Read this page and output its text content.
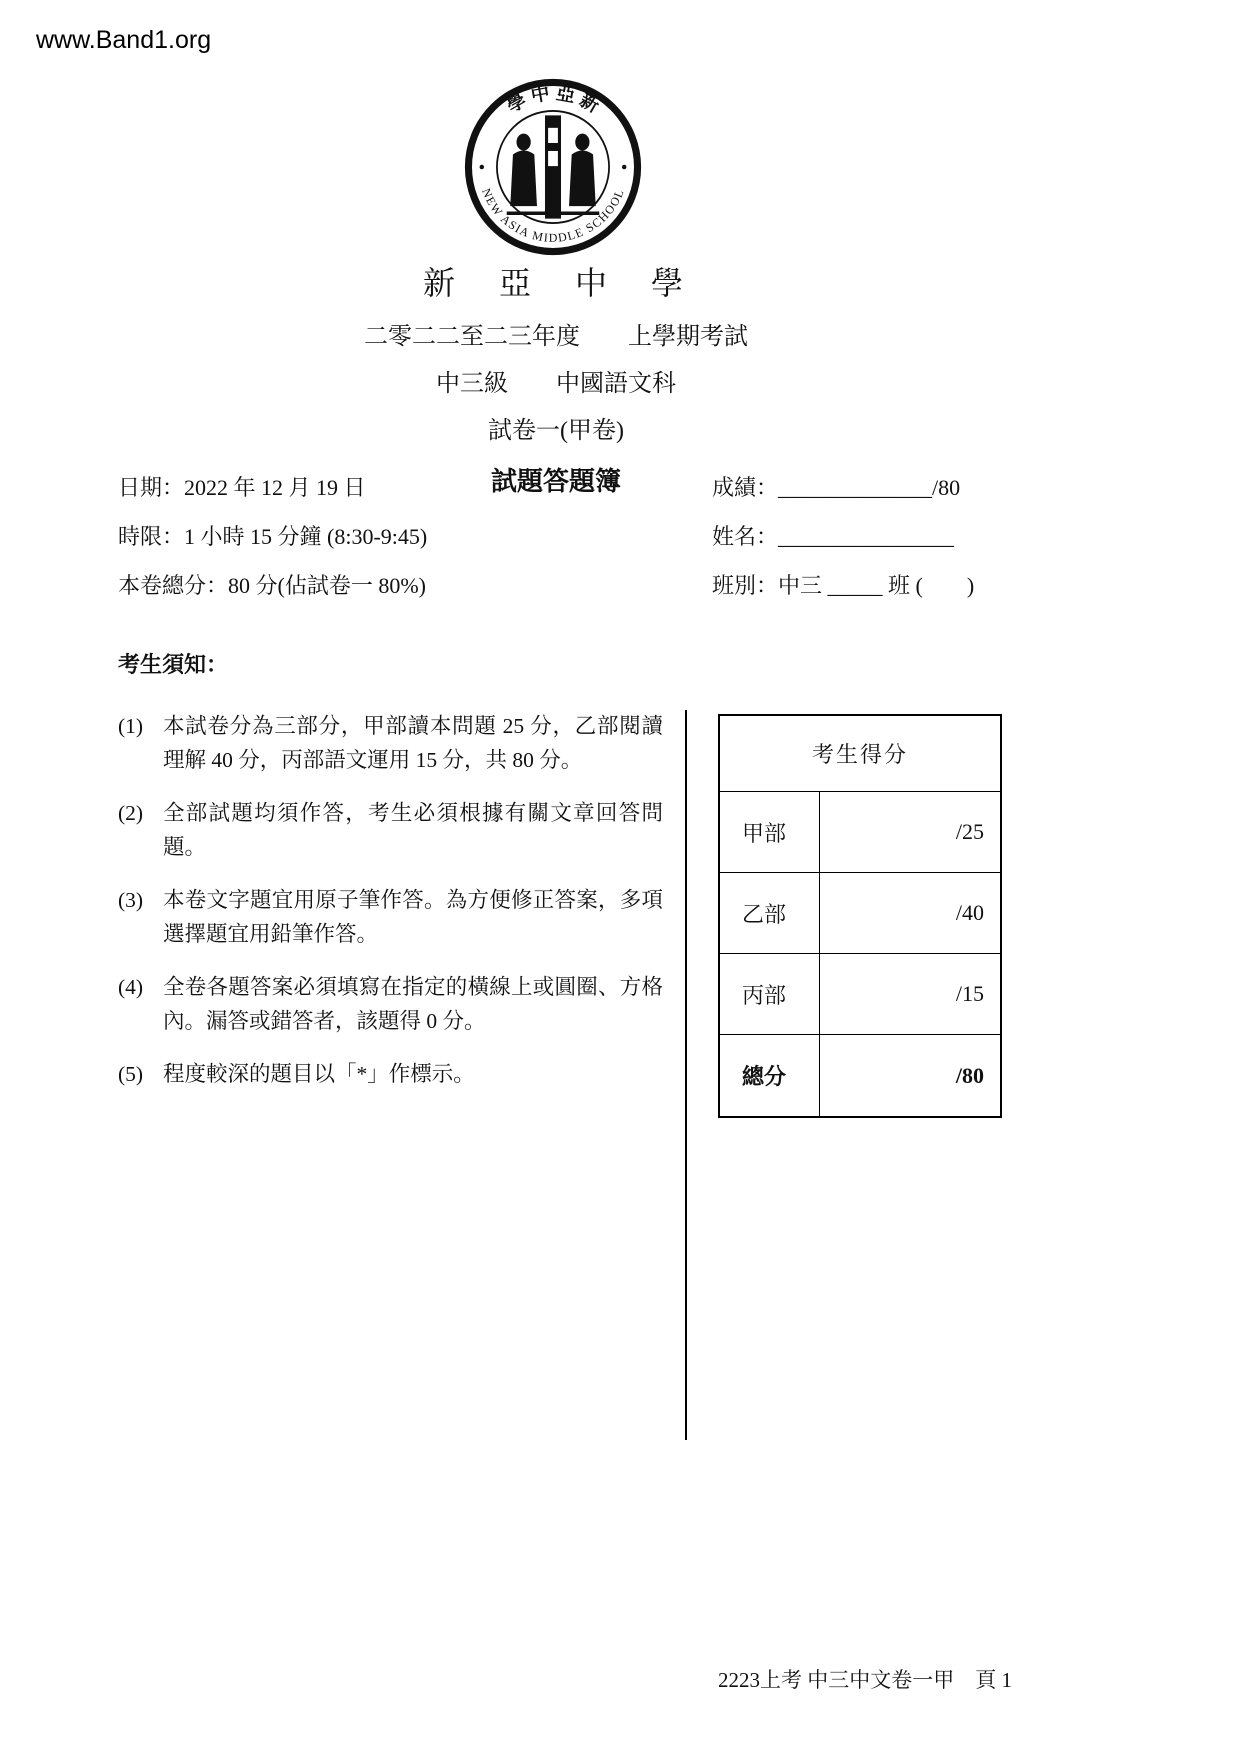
www.Band1.org
學 中 亞 新
NEW ASIA MIDDLE SCHOOL
新　亞　中　學
二零二二至二三年度　　上學期考試
中三級　　中國語文科
試卷一(甲卷)
試題答題簿
日期：2022 年 12 月 19 日
時限：1 小時 15 分鐘 (8:30-9:45)
本卷總分：80 分(佔試卷一 80%)
成績：______________/80
姓名：________________
班別：中三 _____ 班 (　　)
考生須知：
(1) 本試卷分為三部分，甲部讀本問題 25 分，乙部閱讀理解 40 分，丙部語文運用 15 分，共 80 分。
(2) 全部試題均須作答，考生必須根據有關文章回答問題。
(3) 本卷文字題宜用原子筆作答。為方便修正答案，多項選擇題宜用鉛筆作答。
(4) 全卷各題答案必須填寫在指定的橫線上或圓圈、方格內。漏答或錯答者，該題得 0 分。
(5) 程度較深的題目以「*」作標示。
考生得分
甲部	/25
乙部	/40
丙部	/15
總分	/80
2223上考 中三中文卷一甲　頁 1
